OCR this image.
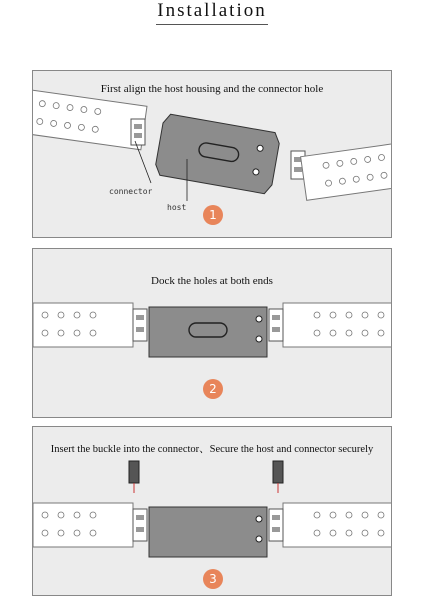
Installation
First align the host housing and the connector hole
connector
host
1
Dock the holes at both ends
2
Insert the buckle into the connector、Secure the host and connector securely
3
